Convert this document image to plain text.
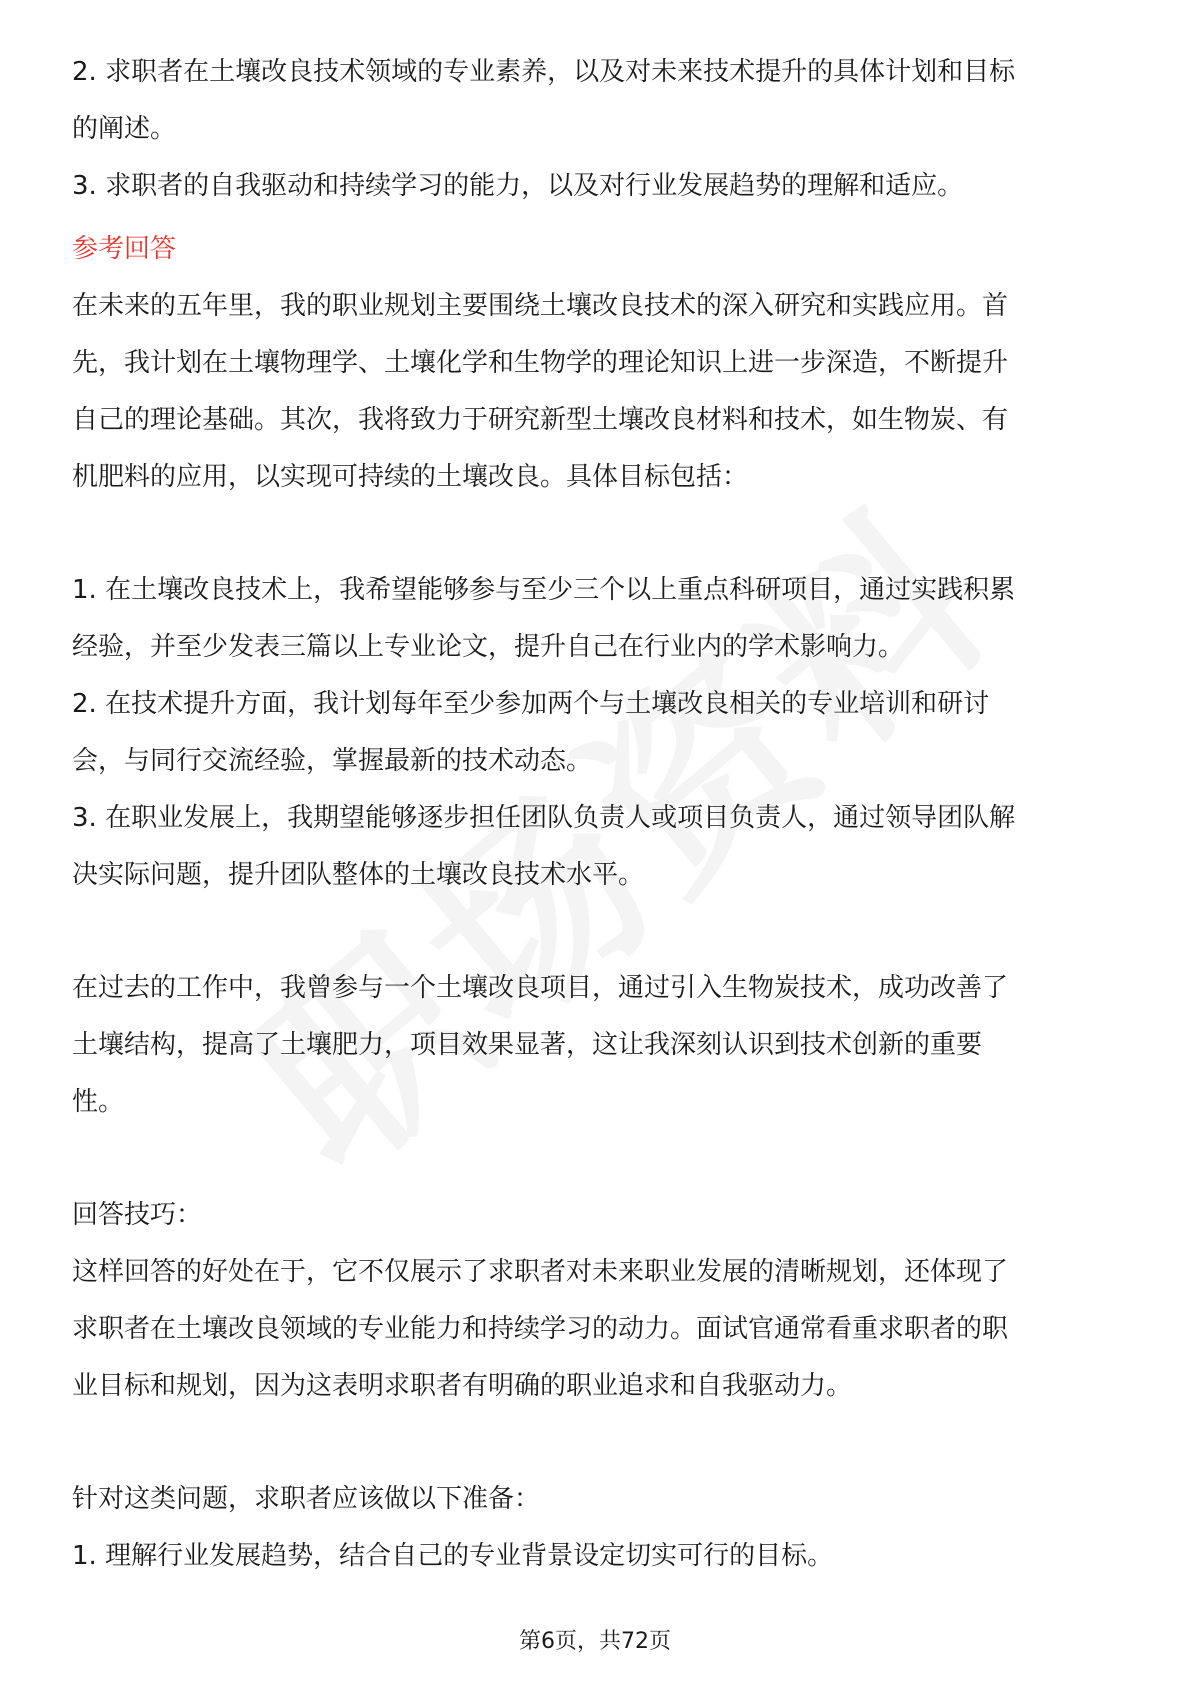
2. 求职者在土壤改良技术领域的专业素养，以及对未来技术提升的具体计划和目标

的阐述。

3. 求职者的自我驱动和持续学习的能力，以及对行业发展趋势的理解和适应。

参考回答

在未来的五年里，我的职业规划主要围绕土壤改良技术的深入研究和实践应用。首

先，我计划在土壤物理学、土壤化学和生物学的理论知识上进一步深造，不断提升

自己的理论基础。其次，我将致力于研究新型土壤改良材料和技术，如生物炭、有

机肥料的应用，以实现可持续的土壤改良。具体目标包括：

1. 在土壤改良技术上，我希望能够参与至少三个以上重点科研项目，通过实践积累

经验，并至少发表三篇以上专业论文，提升自己在行业内的学术影响力。

2. 在技术提升方面，我计划每年至少参加两个与土壤改良相关的专业培训和研讨

会，与同行交流经验，掌握最新的技术动态。

3. 在职业发展上，我期望能够逐步担任团队负责人或项目负责人，通过领导团队解

决实际问题，提升团队整体的土壤改良技术水平。

在过去的工作中，我曾参与一个土壤改良项目，通过引入生物炭技术，成功改善了

土壤结构，提高了土壤肥力，项目效果显著，这让我深刻认识到技术创新的重要

性。

回答技巧：

这样回答的好处在于，它不仅展示了求职者对未来职业发展的清晰规划，还体现了

求职者在土壤改良领域的专业能力和持续学习的动力。面试官通常看重求职者的职

业目标和规划，因为这表明求职者有明确的职业追求和自我驱动力。

针对这类问题，求职者应该做以下准备：

1. 理解行业发展趋势，结合自己的专业背景设定切实可行的目标。

第6页，共72页
